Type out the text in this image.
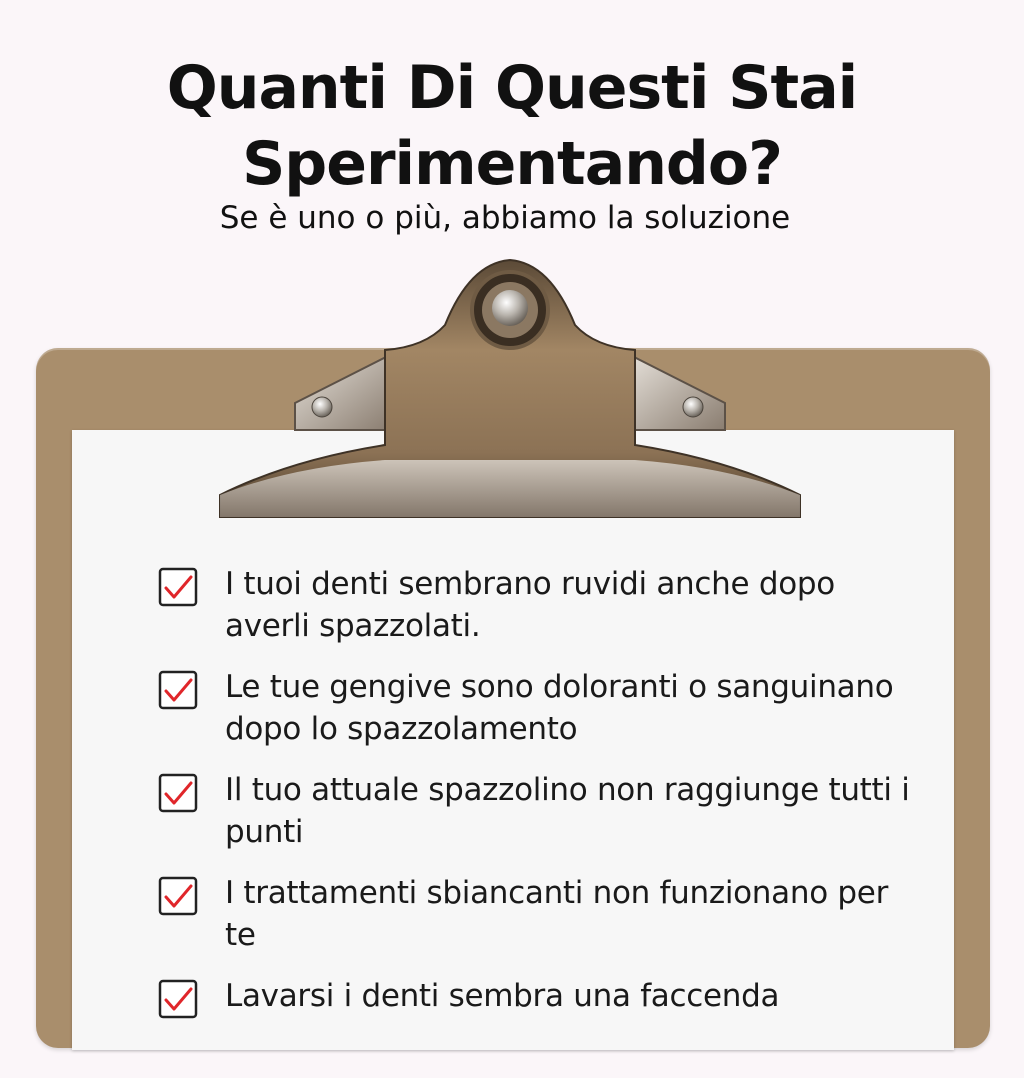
Quanti Di Questi Stai
Sperimentando?

Se è uno o più, abbiamo la soluzione

I tuoi denti sembrano ruvidi anche dopo averli spazzolati.
Le tue gengive sono doloranti o sanguinano dopo lo spazzolamento
Il tuo attuale spazzolino non raggiunge tutti i punti
I trattamenti sbiancanti non funzionano per te
Lavarsi i denti sembra una faccenda
